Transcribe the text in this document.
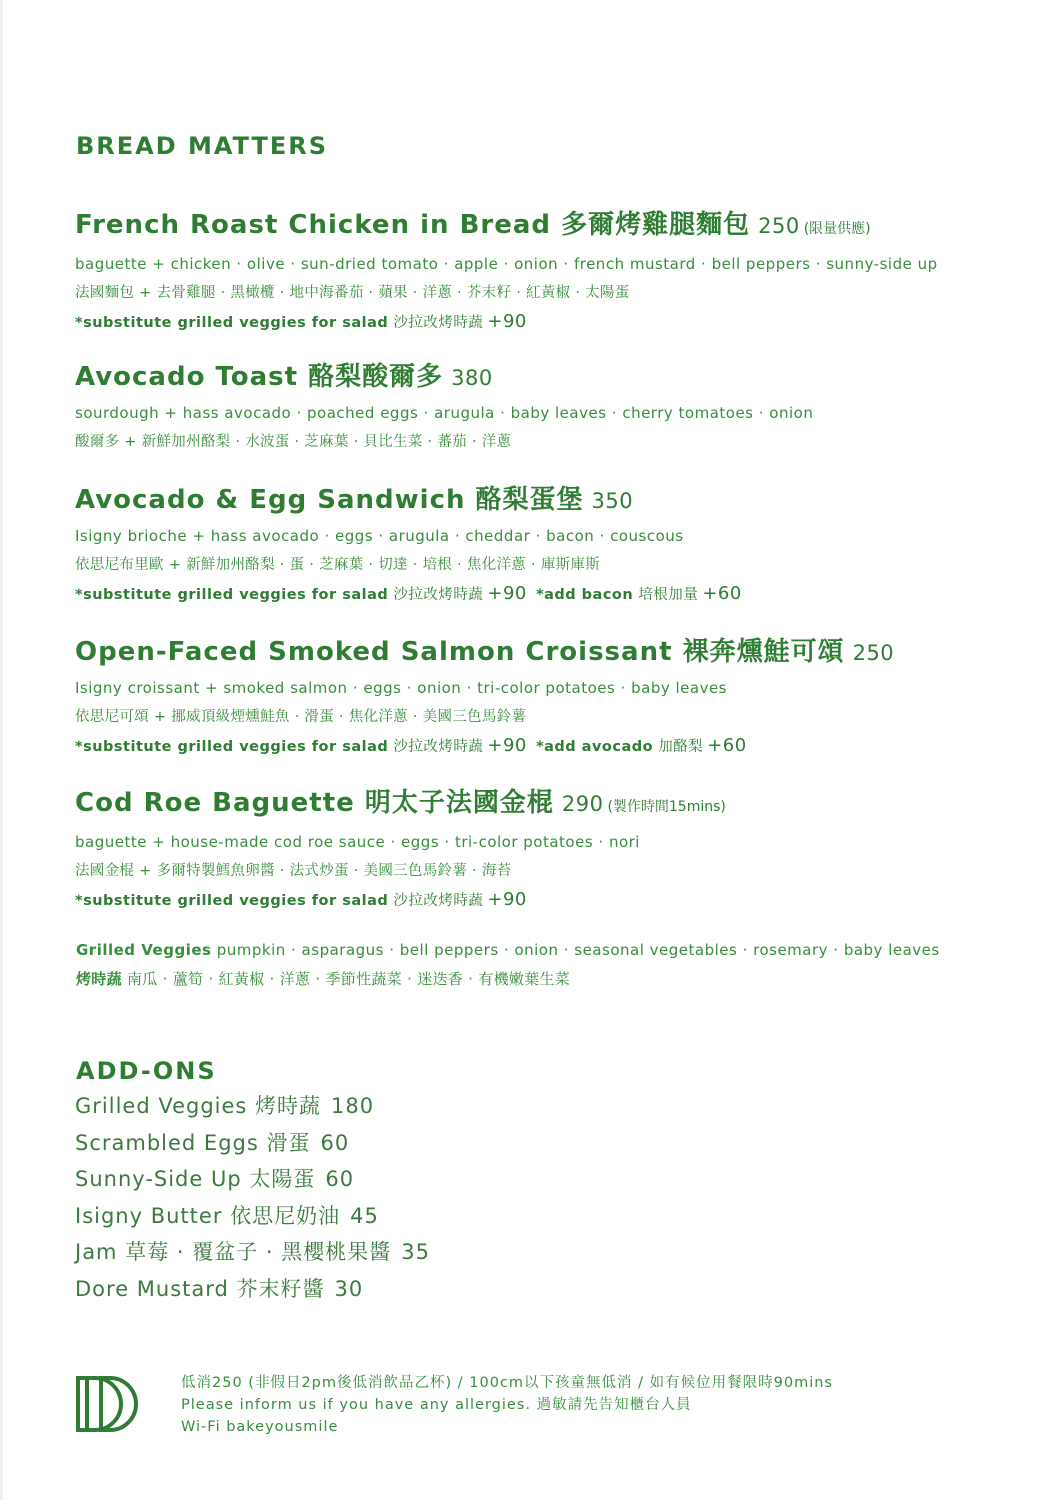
BREAD MATTERS
French Roast Chicken in Bread 多爾烤雞腿麵包 250 (限量供應)
baguette + chicken · olive · sun-dried tomato · apple · onion · french mustard · bell peppers · sunny-side up
法國麵包 + 去骨雞腿 · 黑橄欖 · 地中海番茄 · 蘋果 · 洋蔥 · 芥末籽 · 紅黃椒 · 太陽蛋
*substitute grilled veggies for salad 沙拉改烤時蔬 +90
Avocado Toast 酪梨酸爾多 380
sourdough + hass avocado · poached eggs · arugula · baby leaves · cherry tomatoes · onion
酸爾多 + 新鮮加州酪梨 · 水波蛋 · 芝麻葉 · 貝比生菜 · 蕃茄 · 洋蔥
Avocado & Egg Sandwich 酪梨蛋堡 350
Isigny brioche + hass avocado · eggs · arugula · cheddar · bacon · couscous
依思尼布里歐 + 新鮮加州酪梨 · 蛋 · 芝麻葉 · 切達 · 培根 · 焦化洋蔥 · 庫斯庫斯
*substitute grilled veggies for salad 沙拉改烤時蔬 +90 *add bacon 培根加量 +60
Open-Faced Smoked Salmon Croissant 裸奔燻鮭可頌 250
Isigny croissant + smoked salmon · eggs · onion · tri-color potatoes · baby leaves
依思尼可頌 + 挪威頂級煙燻鮭魚 · 滑蛋 · 焦化洋蔥 · 美國三色馬鈴薯
*substitute grilled veggies for salad 沙拉改烤時蔬 +90 *add avocado 加酪梨 +60
Cod Roe Baguette 明太子法國金棍 290 (製作時間15mins)
baguette + house-made cod roe sauce · eggs · tri-color potatoes · nori
法國金棍 + 多爾特製鱈魚卵醬 · 法式炒蛋 · 美國三色馬鈴薯 · 海苔
*substitute grilled veggies for salad 沙拉改烤時蔬 +90
Grilled Veggies pumpkin · asparagus · bell peppers · onion · seasonal vegetables · rosemary · baby leaves
烤時蔬 南瓜 · 蘆筍 · 紅黃椒 · 洋蔥 · 季節性蔬菜 · 迷迭香 · 有機嫩葉生菜
ADD-ONS
Grilled Veggies 烤時蔬 180
Scrambled Eggs 滑蛋 60
Sunny-Side Up 太陽蛋 60
Isigny Butter 依思尼奶油 45
Jam 草莓 · 覆盆子 · 黑櫻桃果醬 35
Dore Mustard 芥末籽醬 30
低消250 (非假日2pm後低消飲品乙杯) / 100cm以下孩童無低消 / 如有候位用餐限時90mins
Please inform us if you have any allergies. 過敏請先告知櫃台人員
Wi-Fi bakeyousmile
